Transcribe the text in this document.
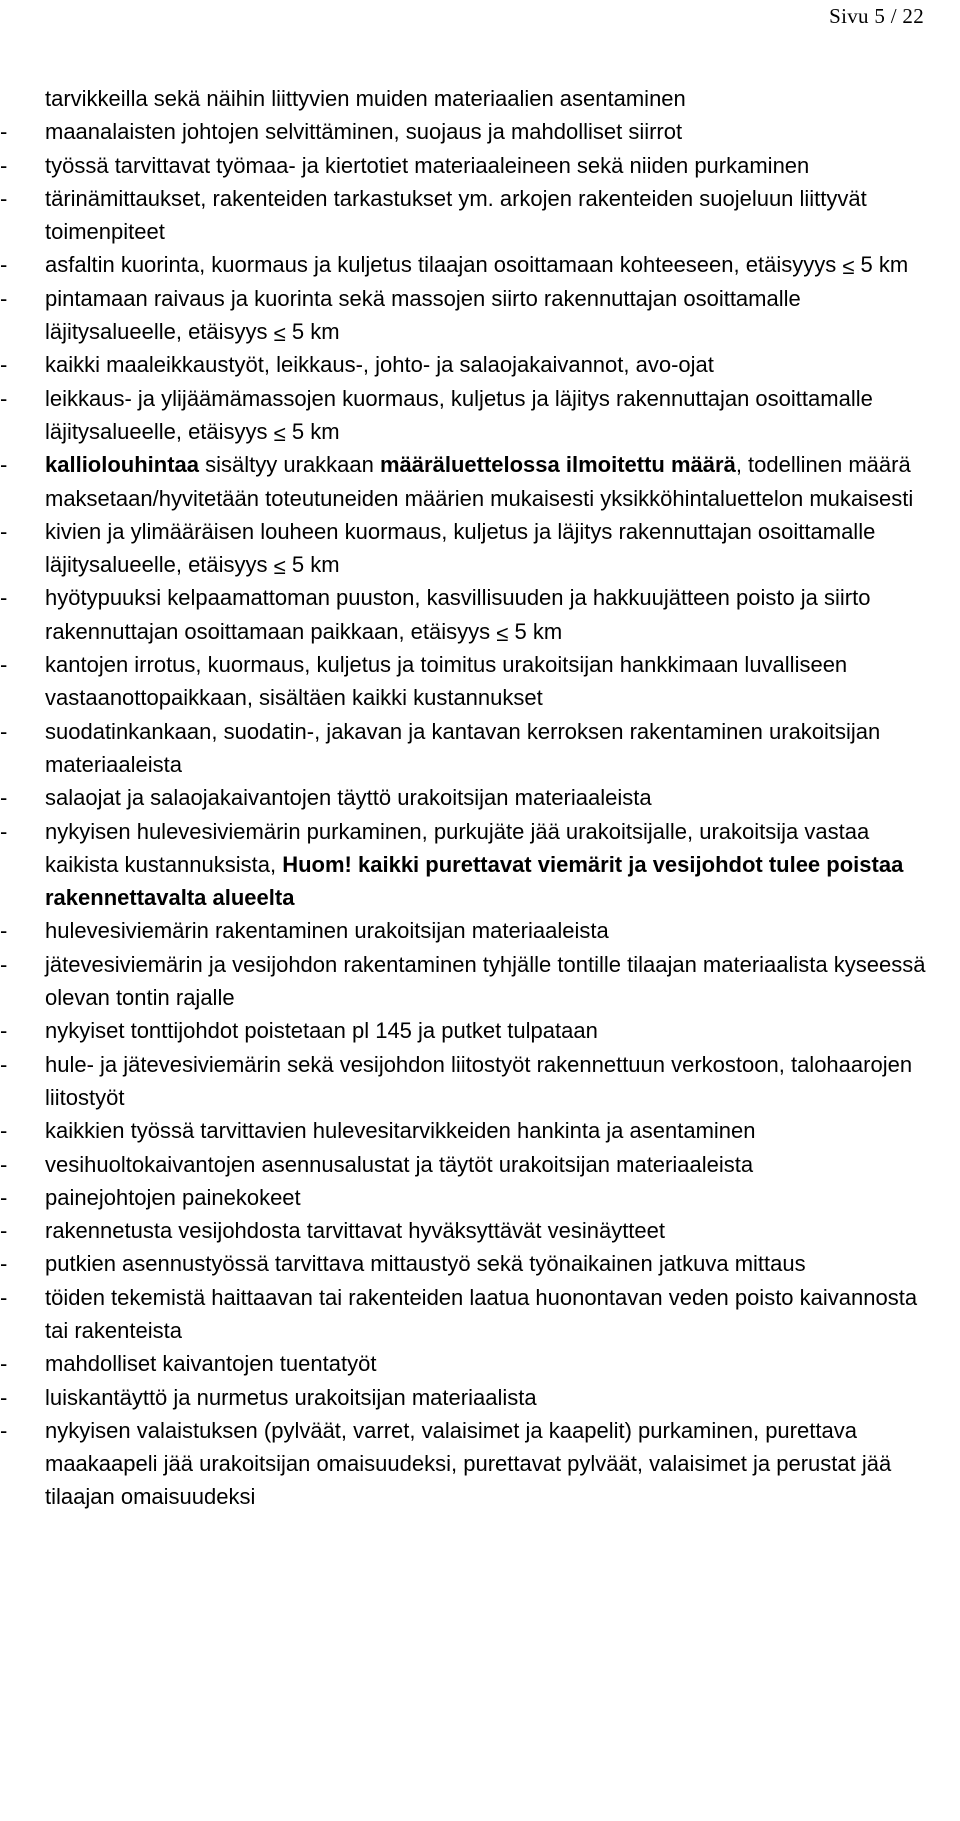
Sivu 5 / 22
tarvikkeilla sekä näihin liittyvien muiden materiaalien asentaminen
-	maanalaisten johtojen selvittäminen, suojaus ja mahdolliset siirrot
-	työssä tarvittavat työmaa- ja kiertotiet materiaaleineen sekä niiden purkaminen
-	tärinämittaukset, rakenteiden tarkastukset ym. arkojen rakenteiden suojeluun liittyvät toimenpiteet
-	asfaltin kuorinta, kuormaus ja kuljetus tilaajan osoittamaan kohteeseen, etäisyyys ≤ 5 km
-	pintamaan raivaus ja kuorinta sekä massojen siirto rakennuttajan osoittamalle läjitysalueelle, etäisyys ≤ 5 km
-	kaikki maaleikkaustyöt, leikkaus-, johto- ja salaojakaivannot, avo-ojat
-	leikkaus- ja ylijäämämassojen kuormaus, kuljetus ja läjitys rakennuttajan osoittamalle läjitysalueelle, etäisyys ≤ 5 km
-	kalliolouhintaa sisältyy urakkaan määräluettelossa ilmoitettu määrä, todellinen määrä maksetaan/hyvitetään toteutuneiden määrien mukaisesti yksikköhintaluettelon mukaisesti
-	kivien ja ylimääräisen louheen kuormaus, kuljetus ja läjitys rakennuttajan osoittamalle läjitysalueelle, etäisyys ≤ 5 km
-	hyötypuuksi kelpaamattoman puuston, kasvillisuuden ja hakkuujätteen poisto ja siirto rakennuttajan osoittamaan paikkaan, etäisyys ≤ 5 km
-	kantojen irrotus, kuormaus, kuljetus ja toimitus urakoitsijan hankkimaan luvalliseen vastaanottopaikkaan, sisältäen kaikki kustannukset
-	suodatinkankaan, suodatin-, jakavan ja kantavan kerroksen rakentaminen urakoitsijan materiaaleista
-	salaojat ja salaojakaivantojen täyttö urakoitsijan materiaaleista
-	nykyisen hulevesiviemärin purkaminen, purkujäte jää urakoitsijalle, urakoitsija vastaa kaikista kustannuksista, Huom! kaikki purettavat viemärit ja vesijohdot tulee poistaa rakennettavalta alueelta
-	hulevesiviemärin rakentaminen urakoitsijan materiaaleista
-	jätevesiviemärin ja vesijohdon rakentaminen tyhjälle tontille tilaajan materiaalista kyseessä olevan tontin rajalle
-	nykyiset tonttijohdot poistetaan pl 145 ja putket tulpataan
-	hule- ja jätevesiviemärin sekä vesijohdon liitostyöt rakennettuun verkostoon, talohaarojen liitostyöt
-	kaikkien työssä tarvittavien hulevesitarvikkeiden hankinta ja asentaminen
-	vesihuoltokaivantojen asennusalustat ja täytöt urakoitsijan materiaaleista
-	painejohtojen painekokeet
-	rakennetusta vesijohdosta tarvittavat hyväksyttävät vesinäytteet
-	putkien asennustyössä tarvittava mittaustyö sekä työnaikainen jatkuva mittaus
-	töiden tekemistä haittaavan tai rakenteiden laatua huonontavan veden poisto kaivannosta tai rakenteista
-	mahdolliset kaivantojen tuentatyöt
-	luiskantäyttö ja nurmetus urakoitsijan materiaalista
-	nykyisen valaistuksen (pylväät, varret, valaisimet ja kaapelit) purkaminen, purettava maakaapeli jää urakoitsijan omaisuudeksi, purettavat pylväät, valaisimet ja perustat jää tilaajan omaisuudeksi
